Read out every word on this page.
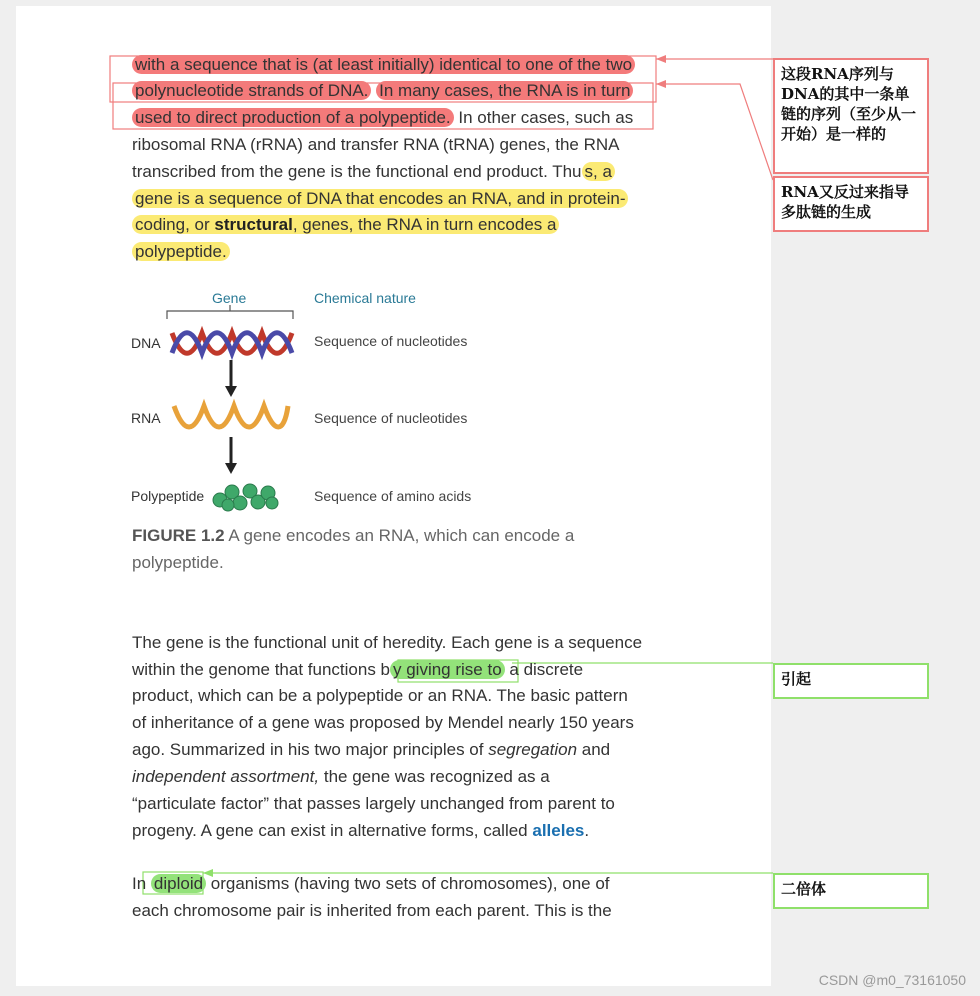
with a sequence that is (at least initially) identical to one of the two
polynucleotide strands of DNA. In many cases, the RNA is in turn
used to direct production of a polypeptide. In other cases, such as
ribosomal RNA (rRNA) and transfer RNA (tRNA) genes, the RNA
transcribed from the gene is the functional end product. Thu s, a
gene is a sequence of DNA that encodes an RNA, and in protein-
coding, or structural, genes, the RNA in turn encodes a
polypeptide.
Gene	Chemical nature
DNA	Sequence of nucleotides
RNA	Sequence of nucleotides
Polypeptide	Sequence of amino acids
FIGURE 1.2 A gene encodes an RNA, which can encode a
polypeptide.
The gene is the functional unit of heredity. Each gene is a sequence
within the genome that functions b y giving rise to a discrete
product, which can be a polypeptide or an RNA. The basic pattern
of inheritance of a gene was proposed by Mendel nearly 150 years
ago. Summarized in his two major principles of segregation and
independent assortment, the gene was recognized as a
“particulate factor” that passes largely unchanged from parent to
progeny. A gene can exist in alternative forms, called alleles.
In diploid organisms (having two sets of chromosomes), one of
each chromosome pair is inherited from each parent. This is the
这段RNA序列与DNA的其中一条单链的序列（至少从一开始）是一样的
RNA又反过来指导多肽链的生成
引起
二倍体
CSDN @m0_73161050
